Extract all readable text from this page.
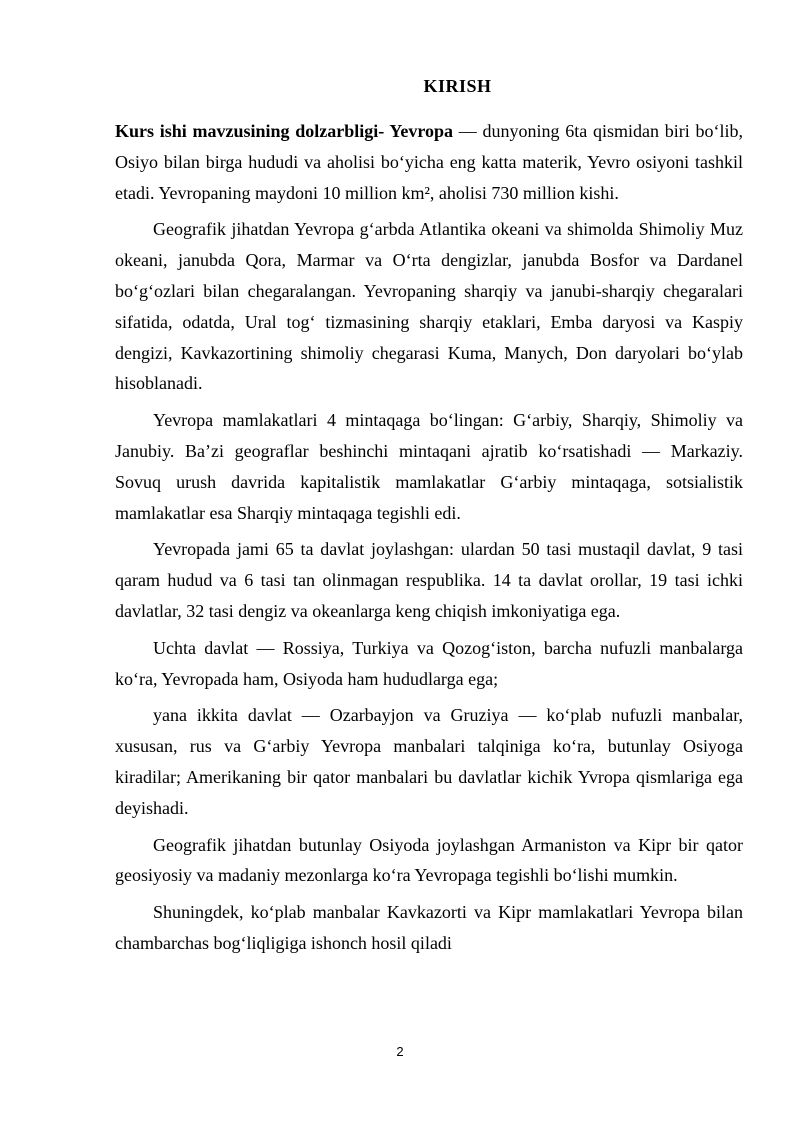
KIRISH

Kurs ishi mavzusining dolzarbligi- Yevropa — dunyoning 6ta qismidan biri bo‘lib, Osiyo bilan birga hududi va aholisi bo‘yicha eng katta materik, Yevro osiyoni tashkil etadi. Yevropaning maydoni 10 million km², aholisi 730 million kishi.

Geografik jihatdan Yevropa g‘arbda Atlantika okeani va shimolda Shimoliy Muz okeani, janubda Qora, Marmar va O‘rta dengizlar, janubda Bosfor va Dardanel bo‘g‘ozlari bilan chegaralangan. Yevropaning sharqiy va janubi-sharqiy chegaralari sifatida, odatda, Ural tog‘ tizmasining sharqiy etaklari, Emba daryosi va Kaspiy dengizi, Kavkazortining shimoliy chegarasi Kuma, Manych, Don daryolari bo‘ylab hisoblanadi.

Yevropa mamlakatlari 4 mintaqaga bo‘lingan: G‘arbiy, Sharqiy, Shimoliy va Janubiy. Ba’zi geograflar beshinchi mintaqani ajratib ko‘rsatishadi — Markaziy. Sovuq urush davrida kapitalistik mamlakatlar G‘arbiy mintaqaga, sotsialistik mamlakatlar esa Sharqiy mintaqaga tegishli edi.

Yevropada jami 65 ta davlat joylashgan: ulardan 50 tasi mustaqil davlat, 9 tasi qaram hudud va 6 tasi tan olinmagan respublika. 14 ta davlat orollar, 19 tasi ichki davlatlar, 32 tasi dengiz va okeanlarga keng chiqish imkoniyatiga ega.

Uchta davlat — Rossiya, Turkiya va Qozog‘iston, barcha nufuzli manbalarga ko‘ra, Yevropada ham, Osiyoda ham hududlarga ega;

yana ikkita davlat — Ozarbayjon va Gruziya — ko‘plab nufuzli manbalar, xususan, rus va G‘arbiy Yevropa manbalari talqiniga ko‘ra, butunlay Osiyoga kiradilar; Amerikaning bir qator manbalari bu davlatlar kichik Yvropa qismlariga ega deyishadi.

Geografik jihatdan butunlay Osiyoda joylashgan Armaniston va Kipr bir qator geosiyosiy va madaniy mezonlarga ko‘ra Yevropaga tegishli bo‘lishi mumkin.

Shuningdek, ko‘plab manbalar Kavkazorti va Kipr mamlakatlari Yevropa bilan chambarchas bog‘liqligiga ishonch hosil qiladi

2
